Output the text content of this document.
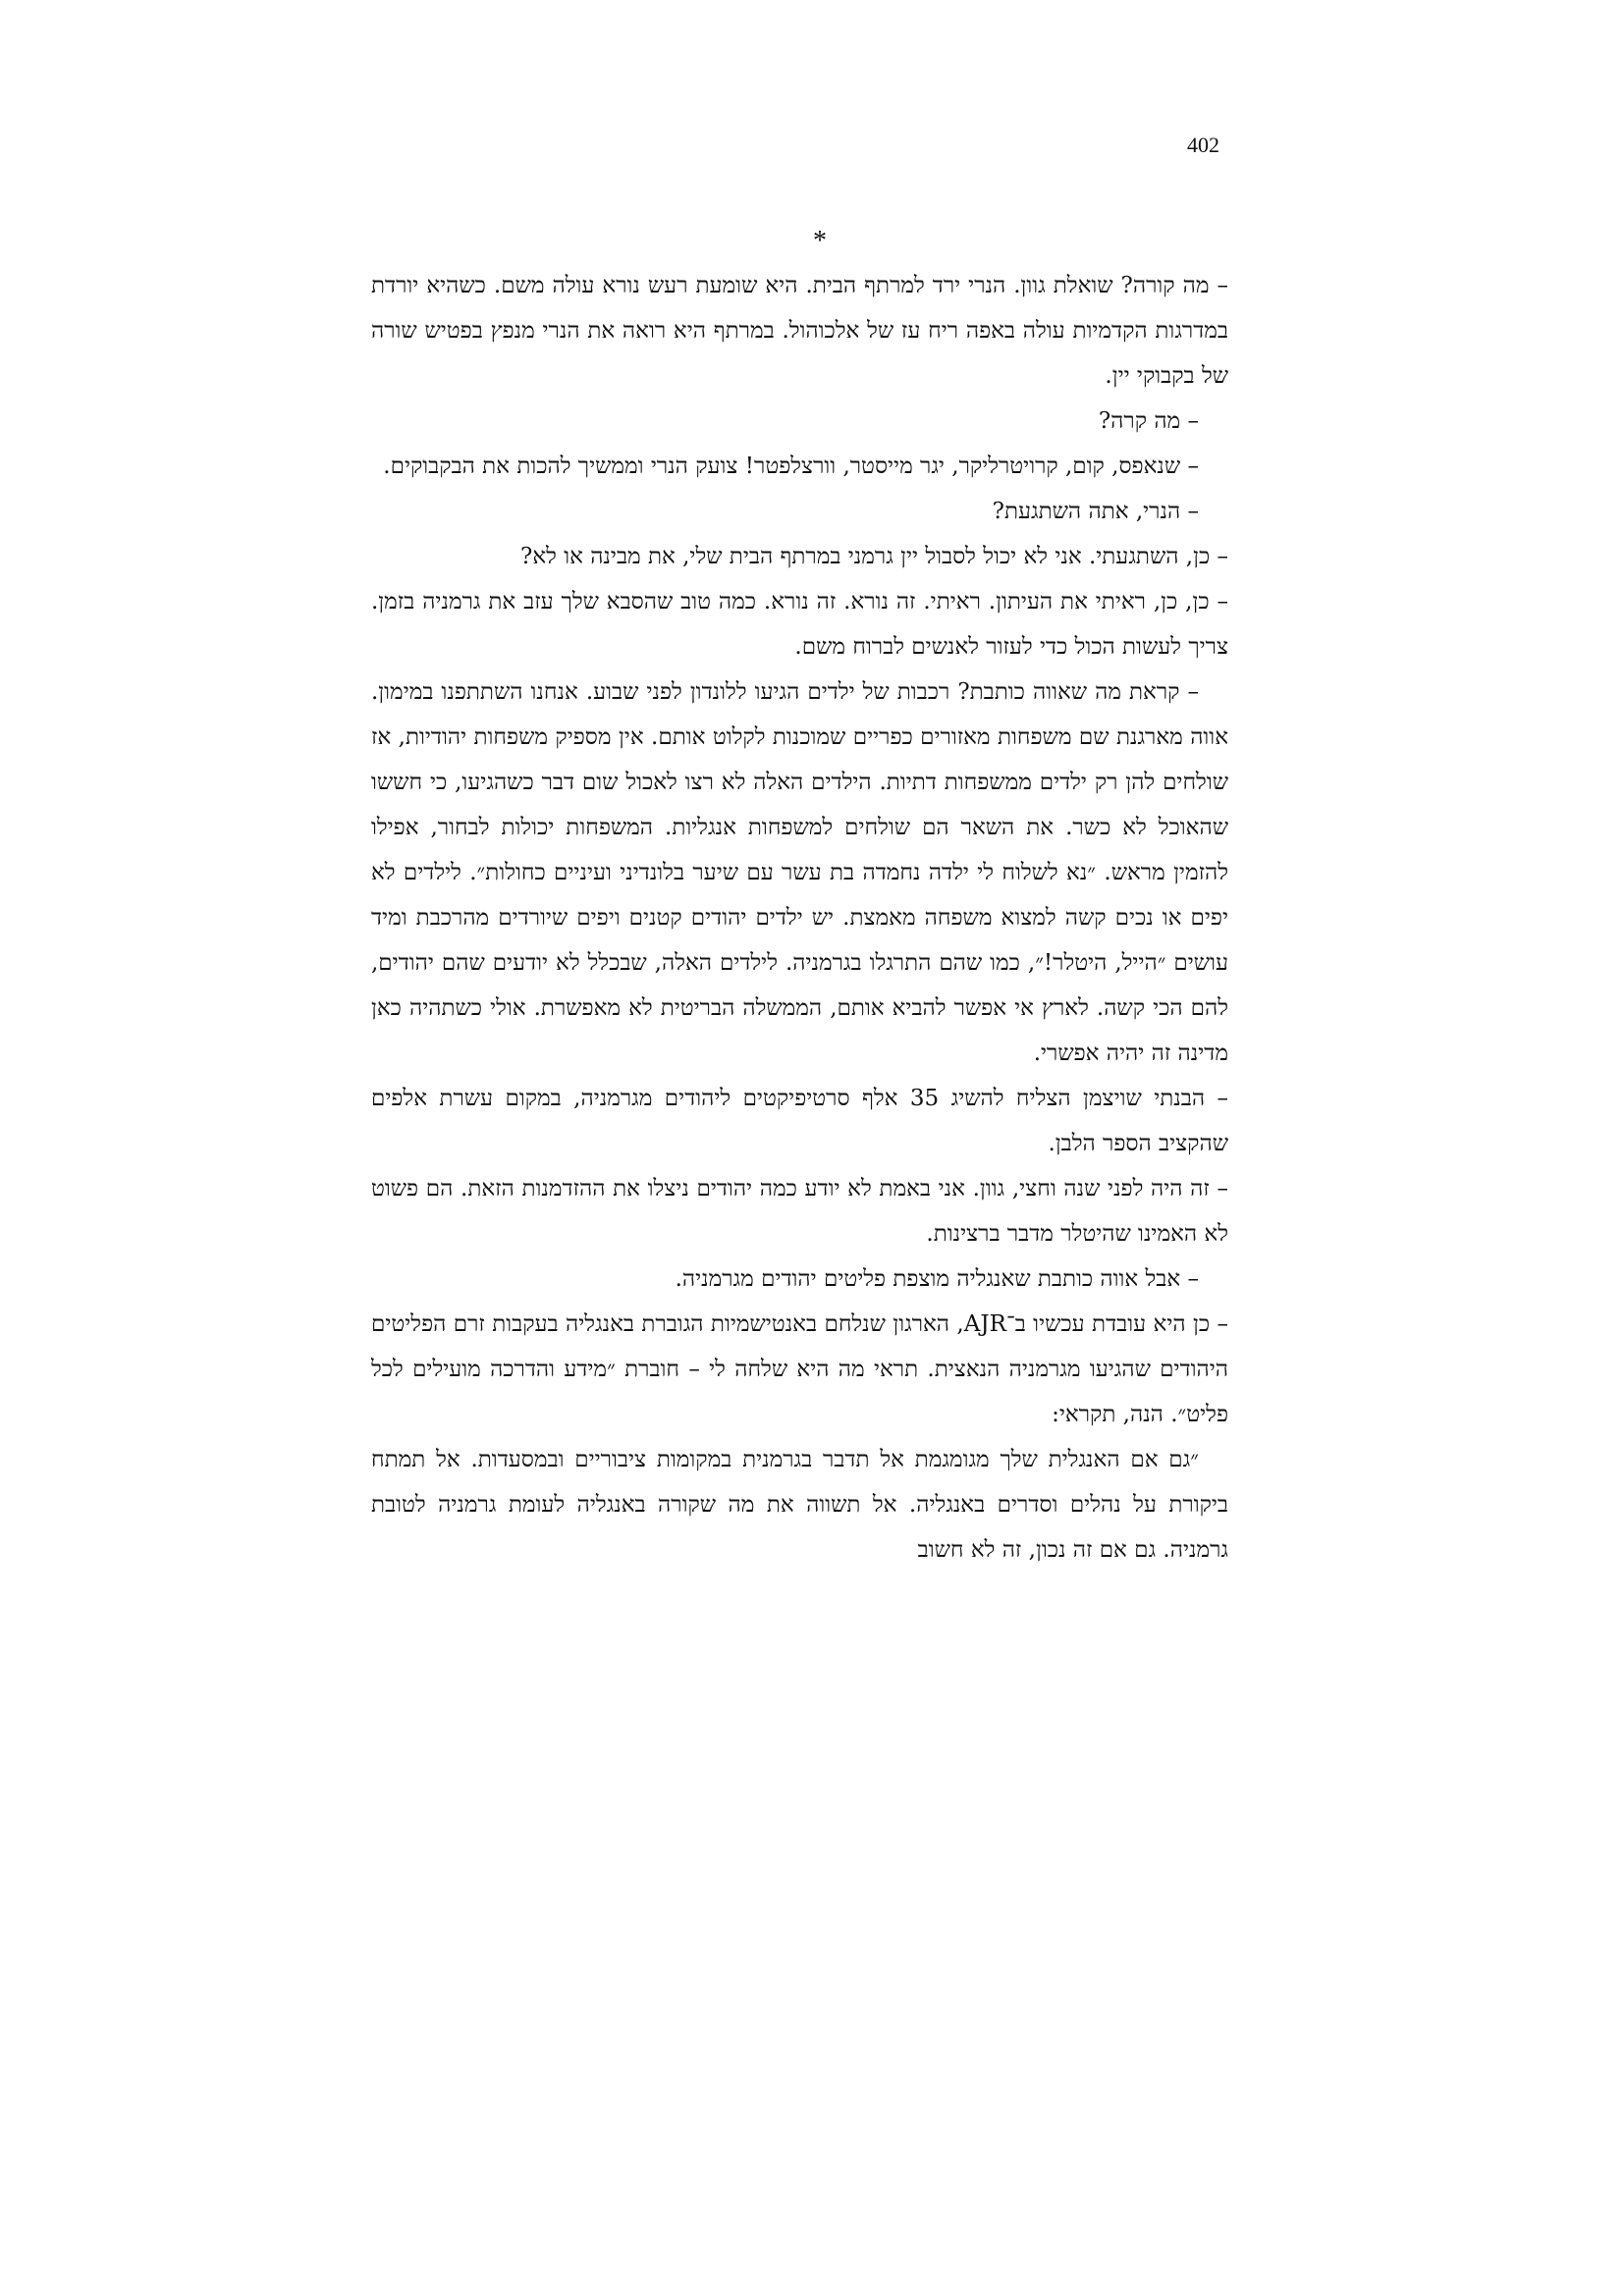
402
*

– מה קורה? שואלת גוון. הנרי ירד למרתף הבית. היא שומעת רעש נורא עולה משם. כשהיא יורדת במדרגות הקדמיות עולה באפה ריח עז של אלכוהול. במרתף היא רואה את הנרי מנפץ בפטיש שורה של בקבוקי יין.

– מה קרה?

– שנאפס, קום, קרויטרליקר, יגר מייסטר, וורצלפטר! צועק הנרי וממשיך להכות את הבקבוקים.

– הנרי, אתה השתגעת?

– כן, השתגעתי. אני לא יכול לסבול יין גרמני במרתף הבית שלי, את מבינה או לא?

– כן, כן, ראיתי את העיתון. ראיתי. זה נורא. זה נורא. כמה טוב שהסבא שלך עזב את גרמניה בזמן. צריך לעשות הכול כדי לעזור לאנשים לברוח משם.

– קראת מה שאווה כותבת? רכבות של ילדים הגיעו ללונדון לפני שבוע. אנחנו השתתפנו במימון. אווה מארגנת שם משפחות מאזורים כפריים שמוכנות לקלוט אותם. אין מספיק משפחות יהודיות, אז שולחים להן רק ילדים ממשפחות דתיות. הילדים האלה לא רצו לאכול שום דבר כשהגיעו, כי חששו שהאוכל לא כשר. את השאר הם שולחים למשפחות אנגליות. המשפחות יכולות לבחור, אפילו להזמין מראש. ״נא לשלוח לי ילדה נחמדה בת עשר עם שיער בלונדיני ועיניים כחולות״. לילדים לא יפים או נכים קשה למצוא משפחה מאמצת. יש ילדים יהודים קטנים ויפים שיורדים מהרכבת ומיד עושים ״הייל, היטלר!״, כמו שהם התרגלו בגרמניה. לילדים האלה, שבכלל לא יודעים שהם יהודים, להם הכי קשה. לארץ אי אפשר להביא אותם, הממשלה הבריטית לא מאפשרת. אולי כשתהיה כאן מדינה זה יהיה אפשרי.

– הבנתי שויצמן הצליח להשיג 35 אלף סרטיפיקטים ליהודים מגרמניה, במקום עשרת אלפים שהקציב הספר הלבן.

– זה היה לפני שנה וחצי, גוון. אני באמת לא יודע כמה יהודים ניצלו את ההזדמנות הזאת. הם פשוט לא האמינו שהיטלר מדבר ברצינות.

– אבל אווה כותבת שאנגליה מוצפת פליטים יהודים מגרמניה.

– כן היא עובדת עכשיו ב־AJR, הארגון שנלחם באנטישמיות הגוברת באנגליה בעקבות זרם הפליטים היהודים שהגיעו מגרמניה הנאצית. תראי מה היא שלחה לי – חוברת ״מידע והדרכה מועילים לכל פליט״. הנה, תקראי:

״גם אם האנגלית שלך מגומגמת אל תדבר בגרמנית במקומות ציבוריים ובמסעדות. אל תמתח ביקורת על נהלים וסדרים באנגליה. אל תשווה את מה שקורה באנגליה לעומת גרמניה לטובת גרמניה. גם אם זה נכון, זה לא חשוב
